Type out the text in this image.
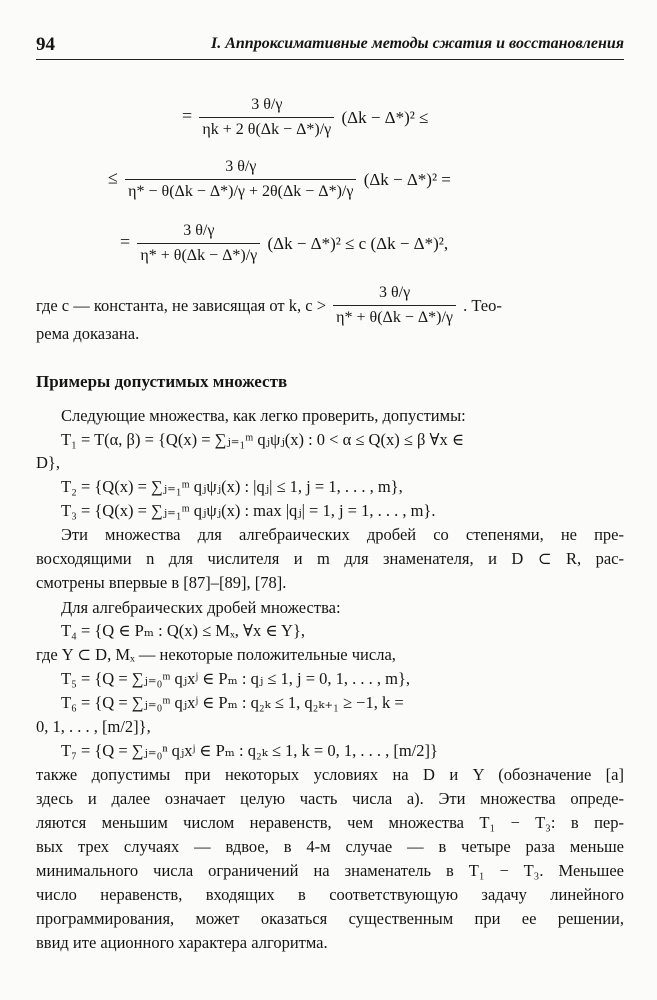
94	I. Аппроксимативные методы сжатия и восстановления
= $\frac{3 \theta/\gamma}{\eta k + 2 \theta(\Delta k - \Delta*)/\gamma} (\Delta k - \Delta*)^2$ ≤
≤ $\frac{3 \theta/\gamma}{\eta* - \theta(\Delta k - \Delta*)/\gamma + 2\theta(\Delta k - \Delta*)/\gamma} (\Delta k - \Delta*)^2$ =
= $\frac{3 \theta/\gamma}{\eta* + \theta(\Delta k - \Delta*)/\gamma} (\Delta k - \Delta*)^2 \le c$ (Δk − Δ*)²,
где c — константа, не зависящая от k, $c > \frac{3 \theta/\gamma}{\eta* + \theta(\Delta k - \Delta*)/\gamma}$ . Тео-
рема доказана.
Примеры допустимых множеств
Следующие множества, как легко проверить, допустимы:
T₁ = T(α, β) = {Q(x) = ∑ⱼ₌₁ᵐ qⱼψⱼ(x) : 0 < α ≤ Q(x) ≤ β ∀x ∈
D},
T₂ = {Q(x) = ∑ⱼ₌₁ᵐ qⱼψⱼ(x) : |qⱼ| ≤ 1, j = 1, . . . , m},
T₃ = {Q(x) = ∑ⱼ₌₁ᵐ qⱼψⱼ(x) : max |qⱼ| = 1, j = 1, . . . , m}.
Эти множества для алгебраических дробей со степенями, не пре-
восходящими n для числителя и m для знаменателя, и D ⊂ R, рас-
смотрены впервые в [87]–[89], [78].
Для алгебраических дробей множества:
T₄ = {Q ∈ Pₘ : Q(x) ≤ Mₓ, ∀x ∈ Y},
где Y ⊂ D, Mₓ — некоторые положительные числа,
T₅ = {Q = ∑ⱼ₌₀ᵐ qⱼxʲ ∈ Pₘ : qⱼ ≤ 1, j = 0, 1, . . . , m},
T₆ = {Q = ∑ⱼ₌₀ᵐ qⱼxʲ ∈ Pₘ : q₂ₖ ≤ 1, q₂ₖ₊₁ ≥ −1, k =
0, 1, . . . , [m/2]},
T₇ = {Q = ∑ⱼ₌₀ⁿ qⱼxʲ ∈ Pₘ : q₂ₖ ≤ 1, k = 0, 1, . . . , [m/2]}
также допустимы при некоторых условиях на D и Y (обозначение [a]
здесь и далее означает целую часть числа a). Эти множества опреде-
ляются меньшим числом неравенств, чем множества T₁ − T₃: в пер-
вых трех случаях — вдвое, в 4-м случае — в четыре раза меньше
минимального числа ограничений на знаменатель в T₁ − T₃. Меньшее
число неравенств, входящих в соответствующую задачу линейного
программирования, может оказаться существенным при ее решении,
ввид ите ационного характера алгоритма.
